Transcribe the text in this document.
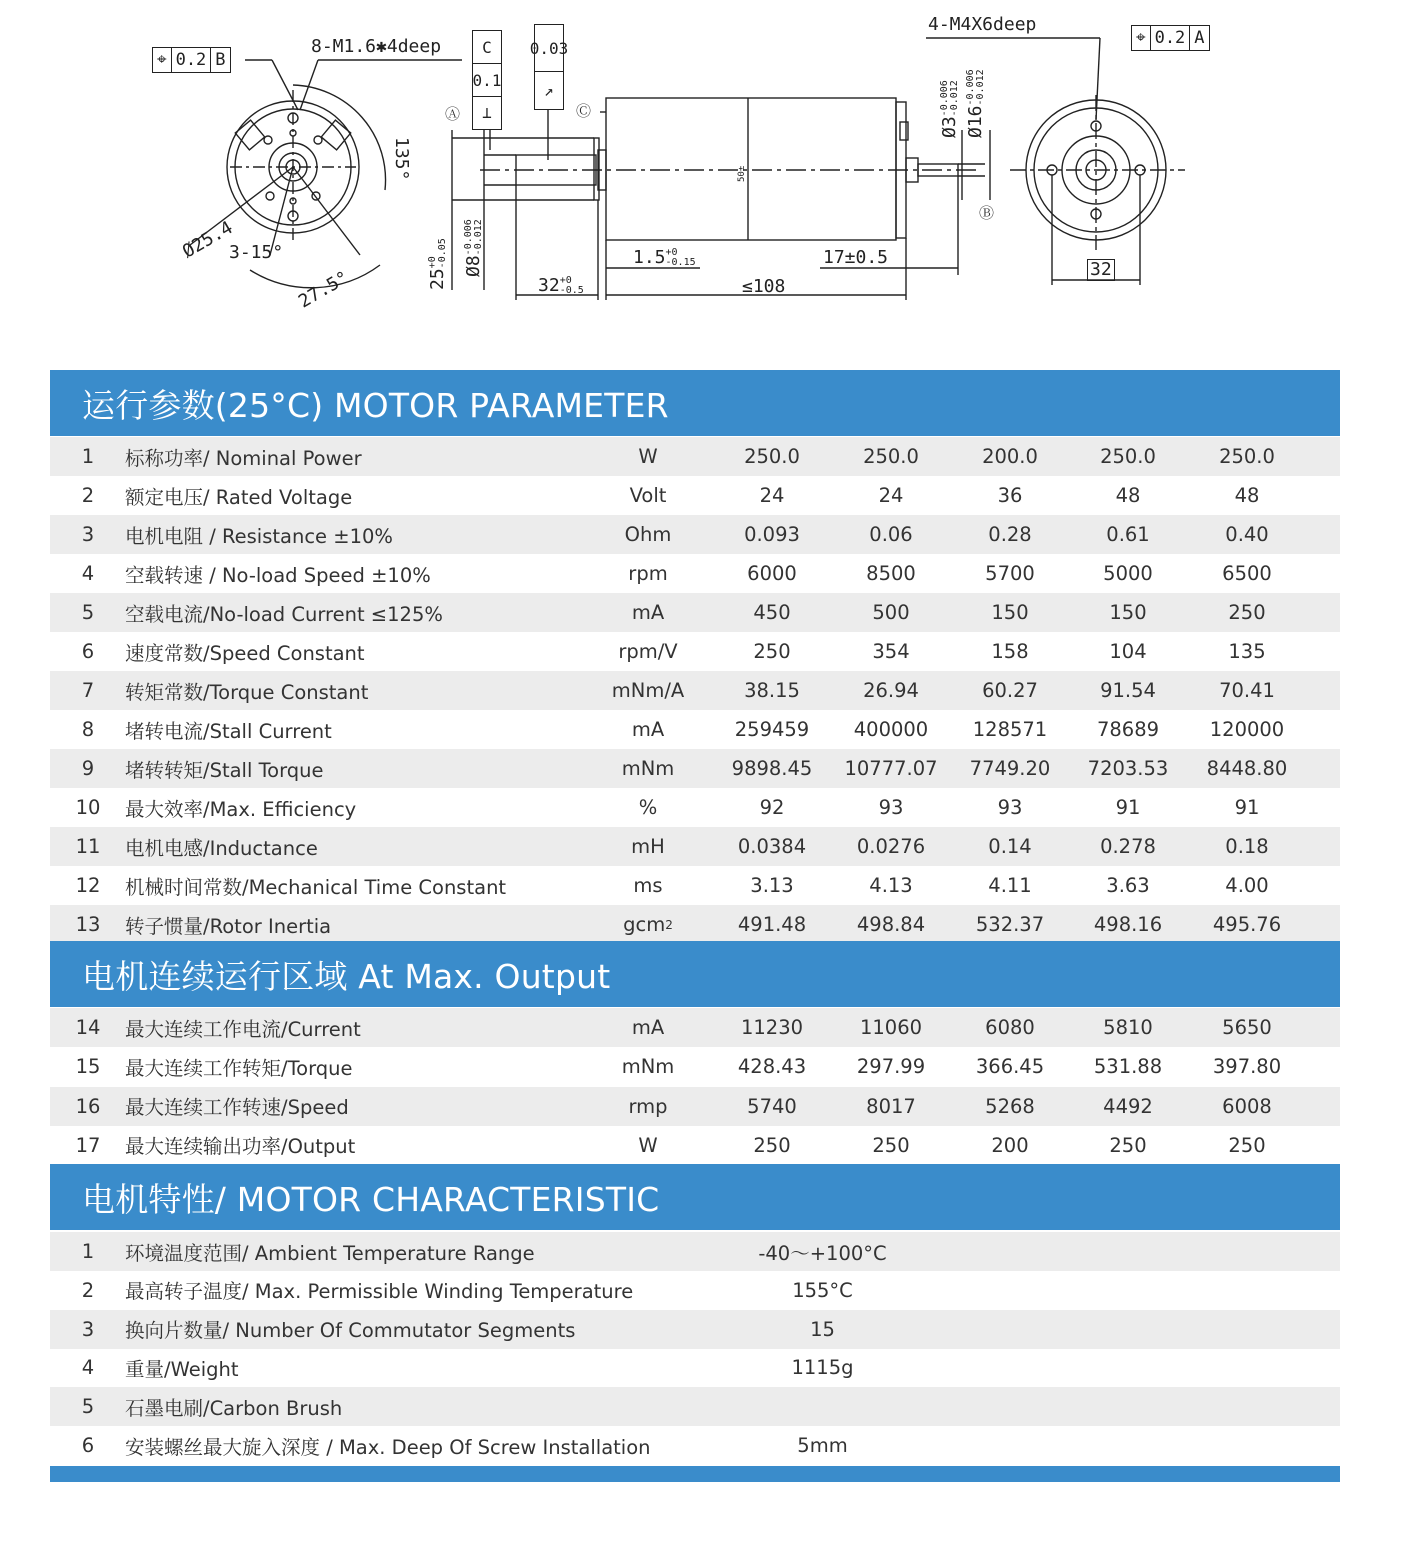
⌖ 0.2 B
8-M1.6✱4deep
135°
Ø25.4
3-15°
27.5°
C
0.1
⊥
0.03
↗
Ⓐ	Ⓒ
Ⓑ
25
+0 -0.05 Ø8
-0.006 -0.012
50±
Ø3
-0.006 -0.012
Ø16
-0.006 -0.012
32 +0
-0.5
1.5 +0
-0.15	17±0.5
≤108
4-M4X6deep
⌖ 0.2 A
32
运行参数(25°C) MOTOR PARAMETER
1	标称功率/ Nominal Power	W	250.0	250.0	200.0	250.0	250.0
2	额定电压/ Rated Voltage	Volt	24	24	36	48	48
3	电机电阻 / Resistance ±10%	Ohm	0.093	0.06	0.28	0.61	0.40
4	空载转速 / No-load Speed ±10%	rpm	6000	8500	5700	5000	6500
5	空载电流/No-load Current ≤125%	mA	450	500	150	150	250
6	速度常数/Speed Constant	rpm/V	250	354	158	104	135
7	转矩常数/Torque Constant	mNm/A	38.15	26.94	60.27	91.54	70.41
8	堵转电流/Stall Current	mA	259459	400000	128571	78689	120000
9	堵转转矩/Stall Torque	mNm	9898.45	10777.07	7749.20	7203.53	8448.80
10	最大效率/Max. Efficiency	%	92	93	93	91	91
11	电机电感/Inductance	mH	0.0384	0.0276	0.14	0.278	0.18
12	机械时间常数/Mechanical Time Constant	ms	3.13	4.13	4.11	3.63	4.00
13	转子惯量/Rotor Inertia	gcm 2	491.48	498.84	532.37	498.16	495.76
电机连续运行区域 At Max. Output
14	最大连续工作电流/Current	mA	11230	11060	6080	5810	5650
15	最大连续工作转矩/Torque	mNm	428.43	297.99	366.45	531.88	397.80
16	最大连续工作转速/Speed	rmp	5740	8017	5268	4492	6008
17	最大连续输出功率/Output	W	250	250	200	250	250
电机特性/ MOTOR CHARACTERISTIC
1	环境温度范围/ Ambient Temperature Range	-40～+100°C
2	最高转子温度/ Max. Permissible Winding Temperature	155°C
3	换向片数量/ Number Of Commutator Segments	15
4	重量/Weight	1115g
5	石墨电刷/Carbon Brush
6	安装螺丝最大旋入深度 / Max. Deep Of Screw Installation	5mm
